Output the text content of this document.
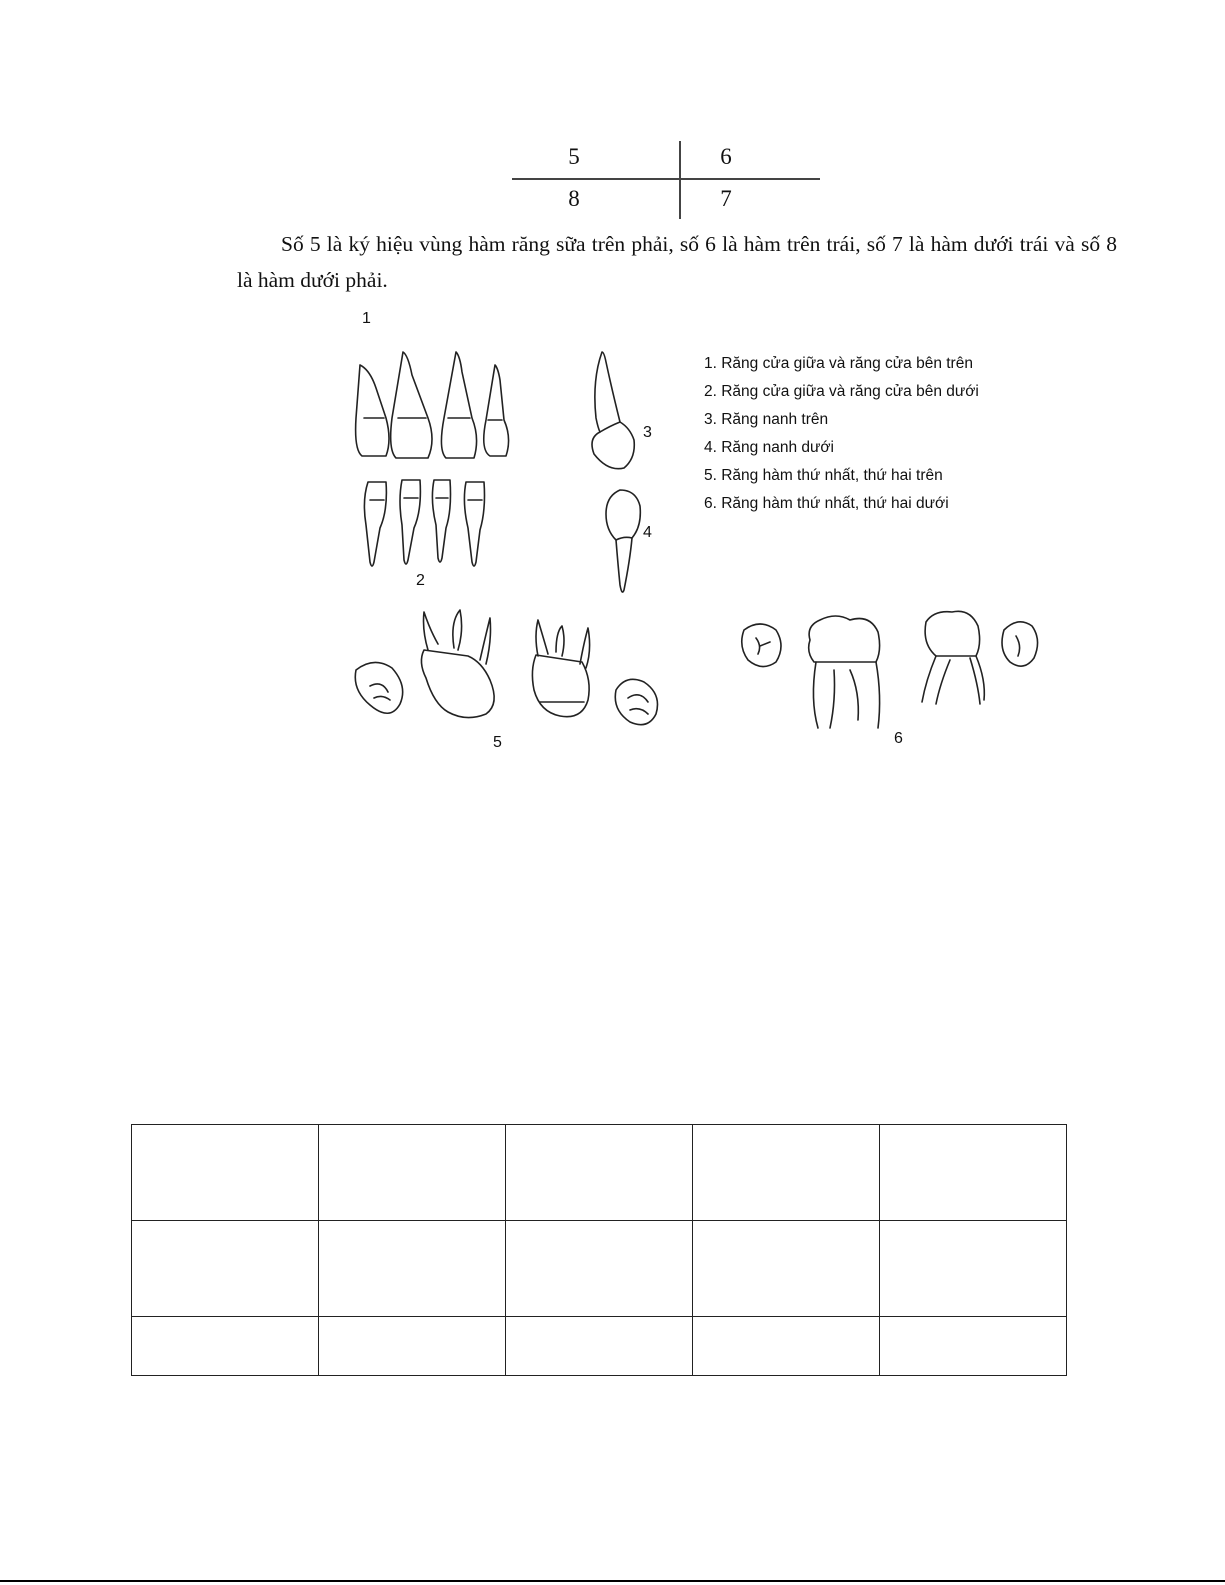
5	6
8	7

Số 5 là ký hiệu vùng hàm răng sữa trên phải, số 6 là hàm trên trái, số 7 là hàm dưới trái và số 8 là hàm dưới phải.

1
2
3
4
5	6
1. Răng cửa giữa và răng cửa bên trên
2. Răng cửa giữa và răng cửa bên dưới
3. Răng nanh trên
4. Răng nanh dưới
5. Răng hàm thứ nhất, thứ hai trên
6. Răng hàm thứ nhất, thứ hai dưới
